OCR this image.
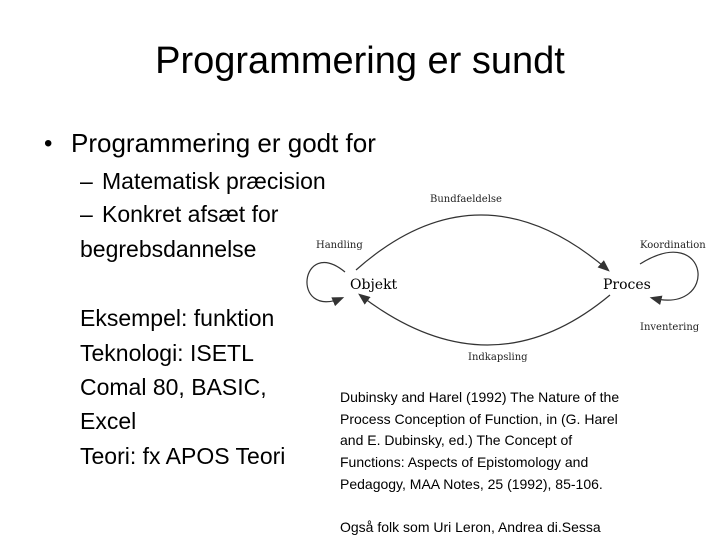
Programmering er sundt
• Programmering er godt for
– Matematisk præcision
– Konkret afsæt for
begrebsdannelse
Eksempel: funktion
Teknologi: ISETL
Comal 80, BASIC,
Excel
Teori: fx APOS Teori
Bundfaeldelse
Handling	Koordination
Inventering
Indkapsling
Objekt	Proces
Dubinsky and Harel (1992) The Nature of the
Process Conception of Function, in (G. Harel
and E. Dubinsky, ed.) The Concept of
Functions: Aspects of Epistomology and
Pedagogy, MAA Notes, 25 (1992), 85-106.
Også folk som Uri Leron, Andrea di.Sessa
